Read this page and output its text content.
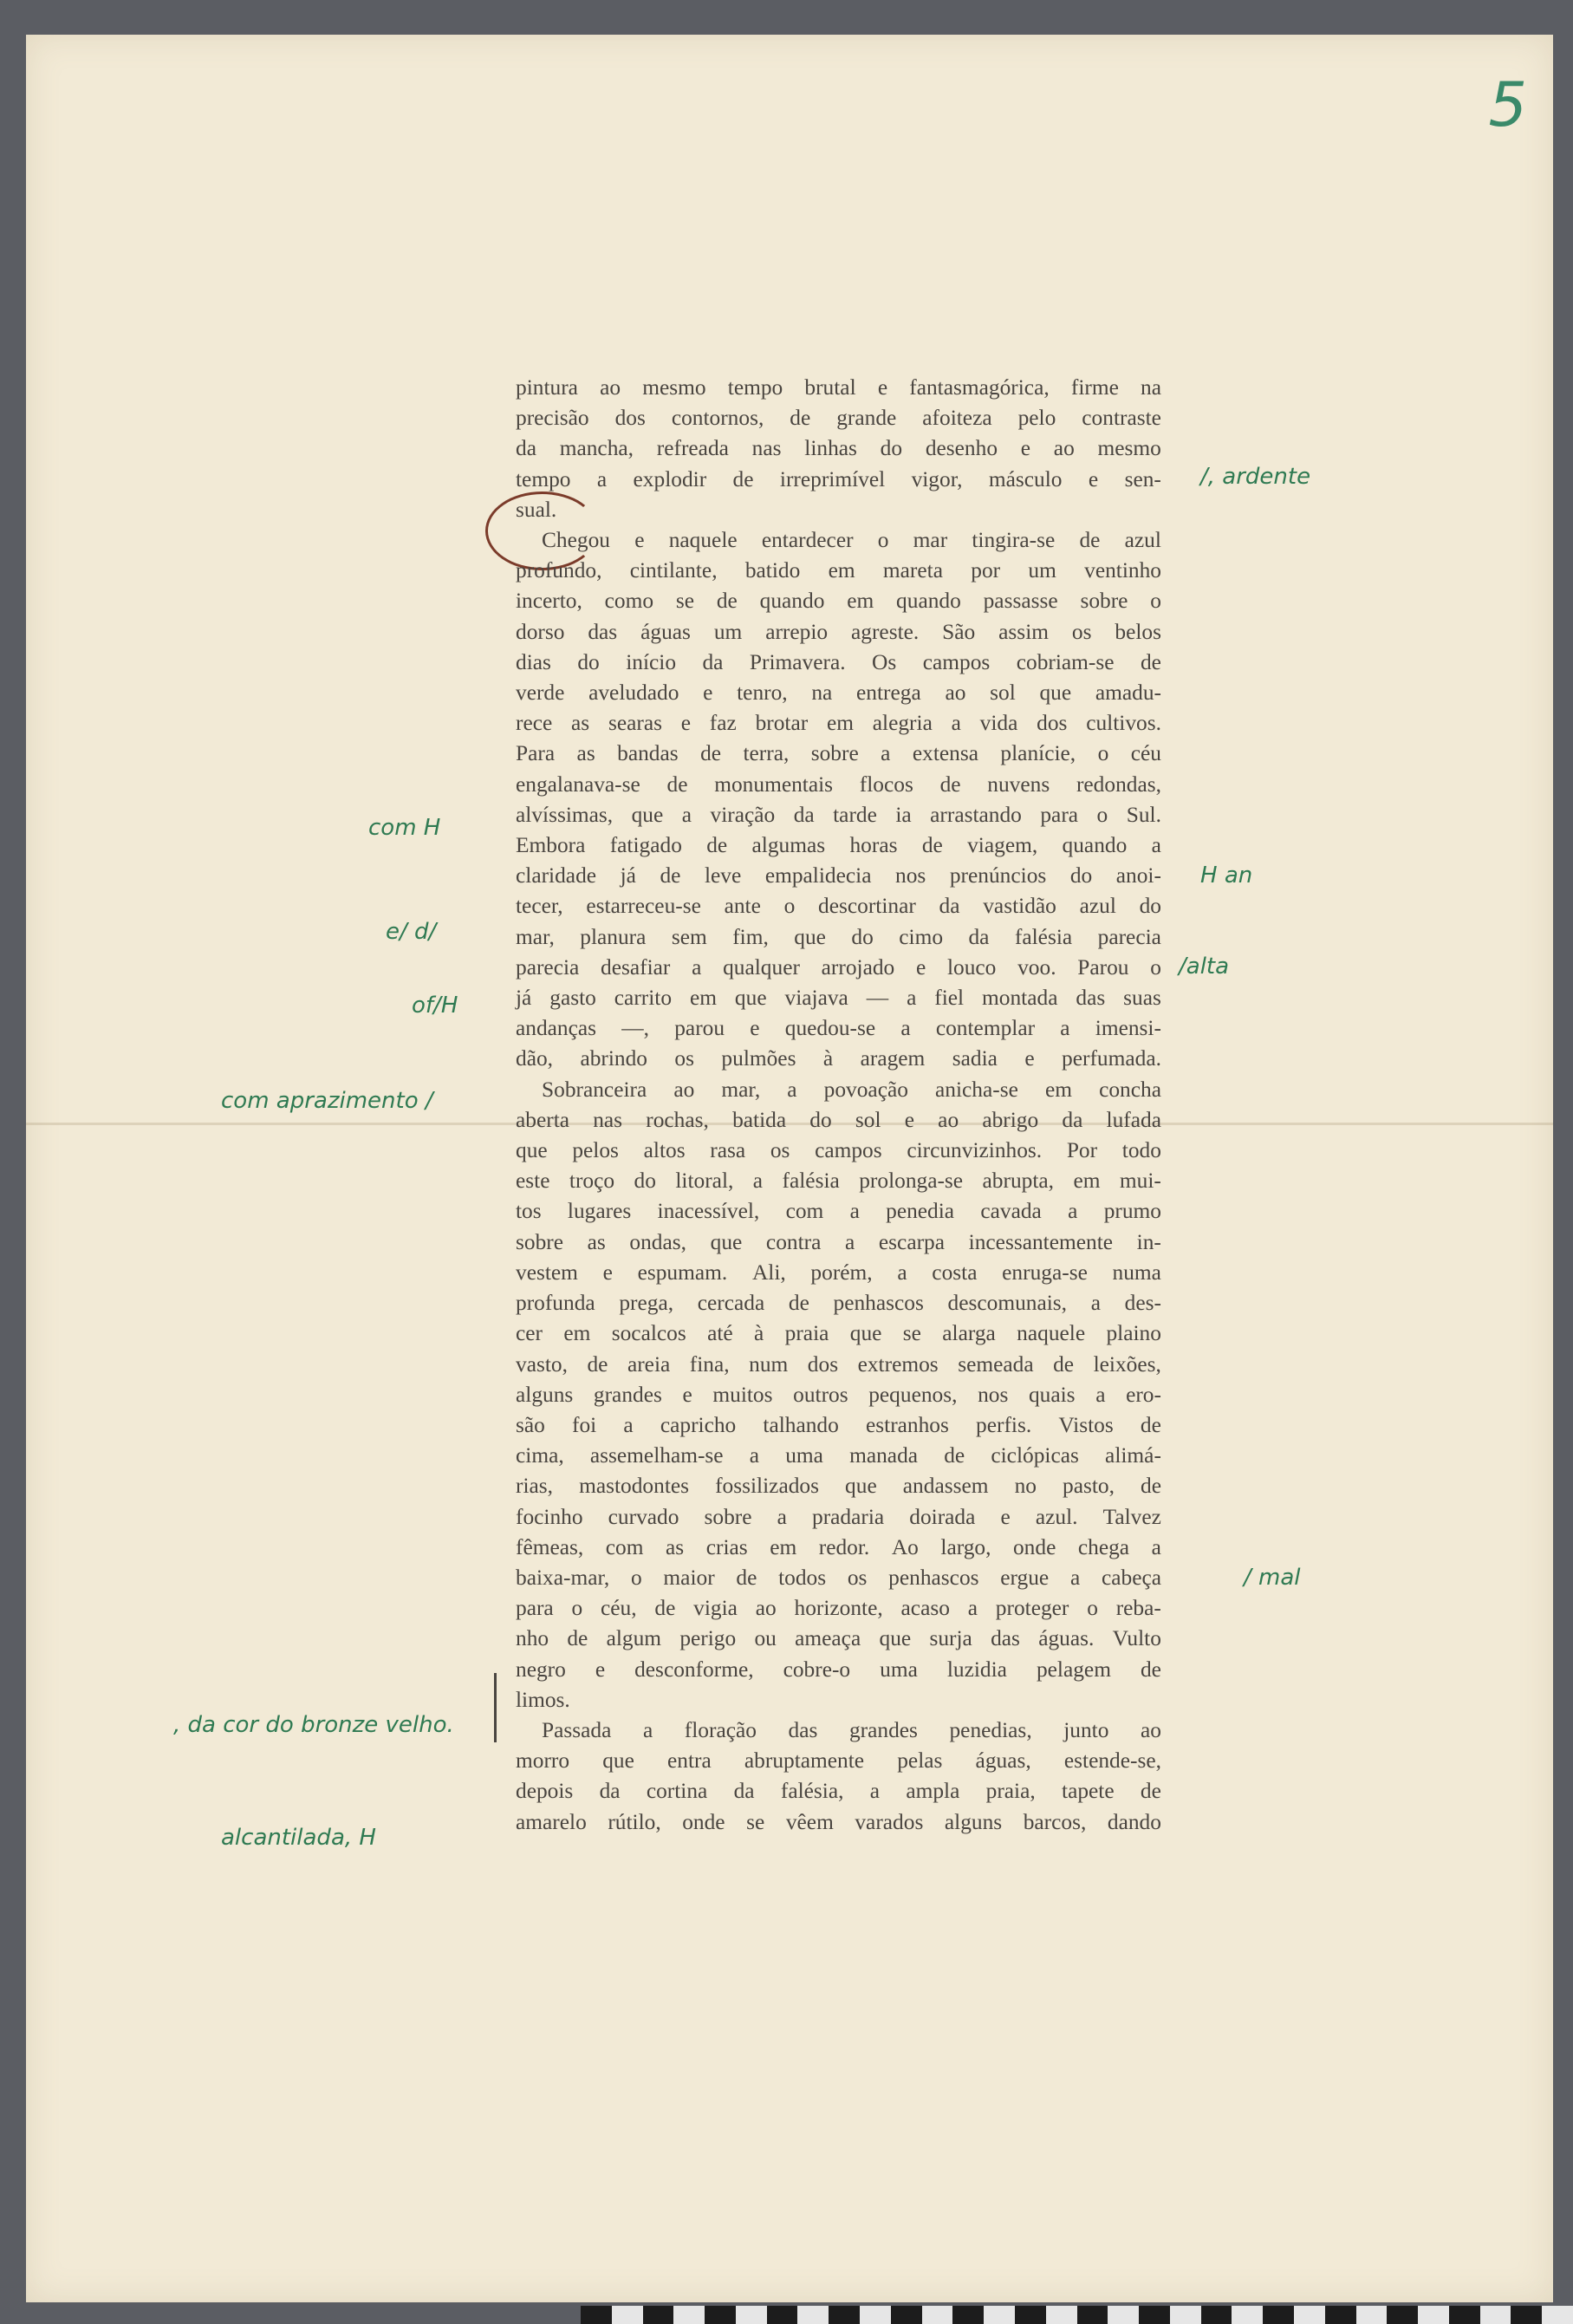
5
pintura ao mesmo tempo brutal e fantasmagórica, firme na
precisão dos contornos, de grande afoiteza pelo contraste
da mancha, refreada nas linhas do desenho e ao mesmo
tempo a explodir de irreprimível vigor, másculo e sen-
sual.
Chegou e naquele entardecer o mar tingira-se de azul
profundo, cintilante, batido em mareta por um ventinho
incerto, como se de quando em quando passasse sobre o
dorso das águas um arrepio agreste. São assim os belos
dias do início da Primavera. Os campos cobriam-se de
verde aveludado e tenro, na entrega ao sol que amadu-
rece as searas e faz brotar em alegria a vida dos cultivos.
Para as bandas de terra, sobre a extensa planície, o céu
engalanava-se de monumentais flocos de nuvens redondas,
alvíssimas, que a viração da tarde ia arrastando para o Sul.
Embora fatigado de algumas horas de viagem, quando a
claridade já de leve empalidecia nos prenúncios do anoi-
tecer, estarreceu-se ante o descortinar da vastidão azul do
mar, planura sem fim, que do cimo da falésia parecia
parecia desafiar a qualquer arrojado e louco voo. Parou o
já gasto carrito em que viajava — a fiel montada das suas
andanças —, parou e quedou-se a contemplar a imensi-
dão, abrindo os pulmões à aragem sadia e perfumada.
Sobranceira ao mar, a povoação anicha-se em concha
aberta nas rochas, batida do sol e ao abrigo da lufada
que pelos altos rasa os campos circunvizinhos. Por todo
este troço do litoral, a falésia prolonga-se abrupta, em mui-
tos lugares inacessível, com a penedia cavada a prumo
sobre as ondas, que contra a escarpa incessantemente in-
vestem e espumam. Ali, porém, a costa enruga-se numa
profunda prega, cercada de penhascos descomunais, a des-
cer em socalcos até à praia que se alarga naquele plaino
vasto, de areia fina, num dos extremos semeada de leixões,
alguns grandes e muitos outros pequenos, nos quais a ero-
são foi a capricho talhando estranhos perfis. Vistos de
cima, assemelham-se a uma manada de ciclópicas alimá-
rias, mastodontes fossilizados que andassem no pasto, de
focinho curvado sobre a pradaria doirada e azul. Talvez
fêmeas, com as crias em redor. Ao largo, onde chega a
baixa-mar, o maior de todos os penhascos ergue a cabeça
para o céu, de vigia ao horizonte, acaso a proteger o reba-
nho de algum perigo ou ameaça que surja das águas. Vulto
negro e desconforme, cobre-o uma luzidia pelagem de
limos.
Passada a floração das grandes penedias, junto ao
morro que entra abruptamente pelas águas, estende-se,
depois da cortina da falésia, a ampla praia, tapete de
amarelo rútilo, onde se vêem varados alguns barcos, dando
/, ardente
com H
H an
e/ d/
/alta
of/H
com aprazimento /
/ mal
, da cor do bronze velho.
alcantilada, H
